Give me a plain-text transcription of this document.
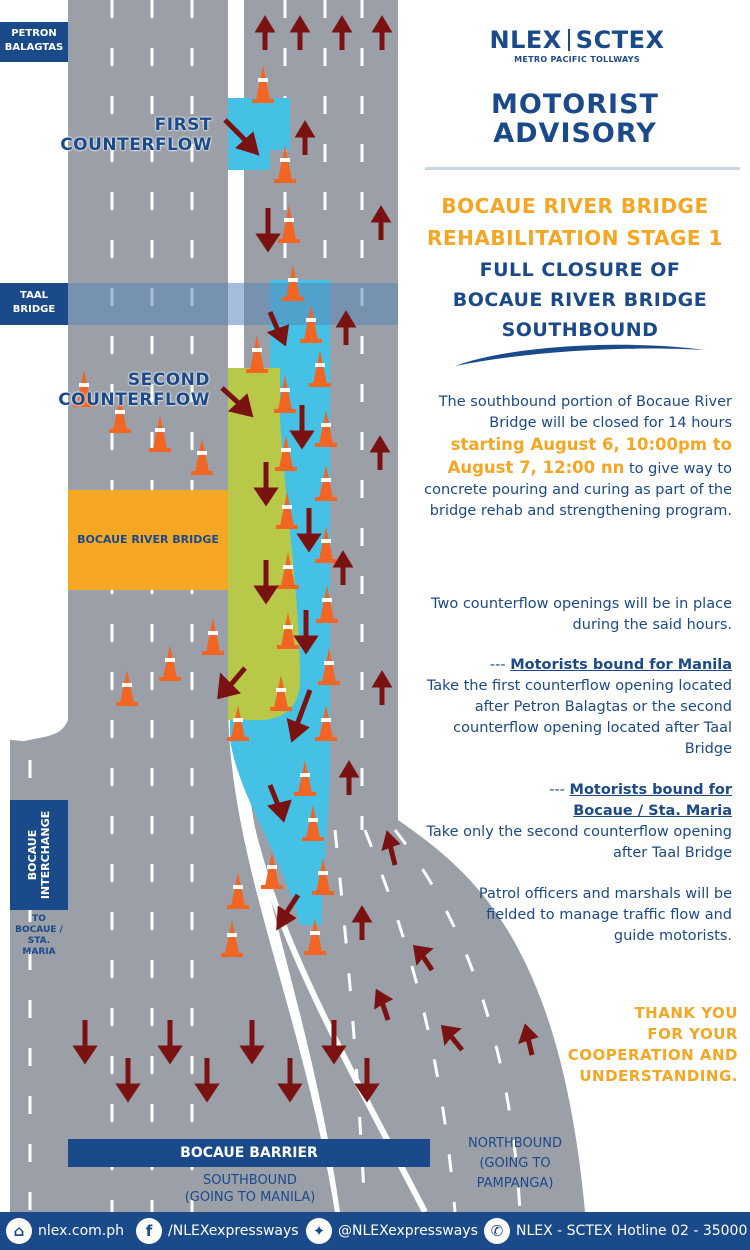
PETRON
BALAGTAS
TAAL
BRIDGE
FIRST
COUNTERFLOW
SECOND
COUNTERFLOW
BOCAUE RIVER BRIDGE
BOCAUE INTERCHANGE
TO
BOCAUE /
STA. MARIA
BOCAUE BARRIER
SOUTHBOUND
(GOING TO MANILA)
NORTHBOUND
(GOING TO
PAMPANGA)
NLEX SCTEX
METRO PACIFIC TOLLWAYS
MOTORIST
ADVISORY
BOCAUE RIVER BRIDGE
REHABILITATION STAGE 1
FULL CLOSURE OF
BOCAUE RIVER BRIDGE
SOUTHBOUND
The southbound portion of Bocaue River Bridge will be closed for 14 hours starting August 6, 10:00pm to August 7, 12:00 nn to give way to concrete pouring and curing as part of the bridge rehab and strengthening program.
Two counterflow openings will be in place during the said hours.
--- Motorists bound for Manila
Take the first counterflow opening located after Petron Balagtas or the second counterflow opening located after Taal Bridge
--- Motorists bound for Bocaue / Sta. Maria
Take only the second counterflow opening after Taal Bridge
Patrol officers and marshals will be fielded to manage traffic flow and guide motorists.
THANK YOU
FOR YOUR
COOPERATION AND
UNDERSTANDING.
⌂ nlex.com.ph	f	/NLEXexpressways ✦ @NLEXexpressways ✆ NLEX - SCTEX Hotline 02 - 35000
